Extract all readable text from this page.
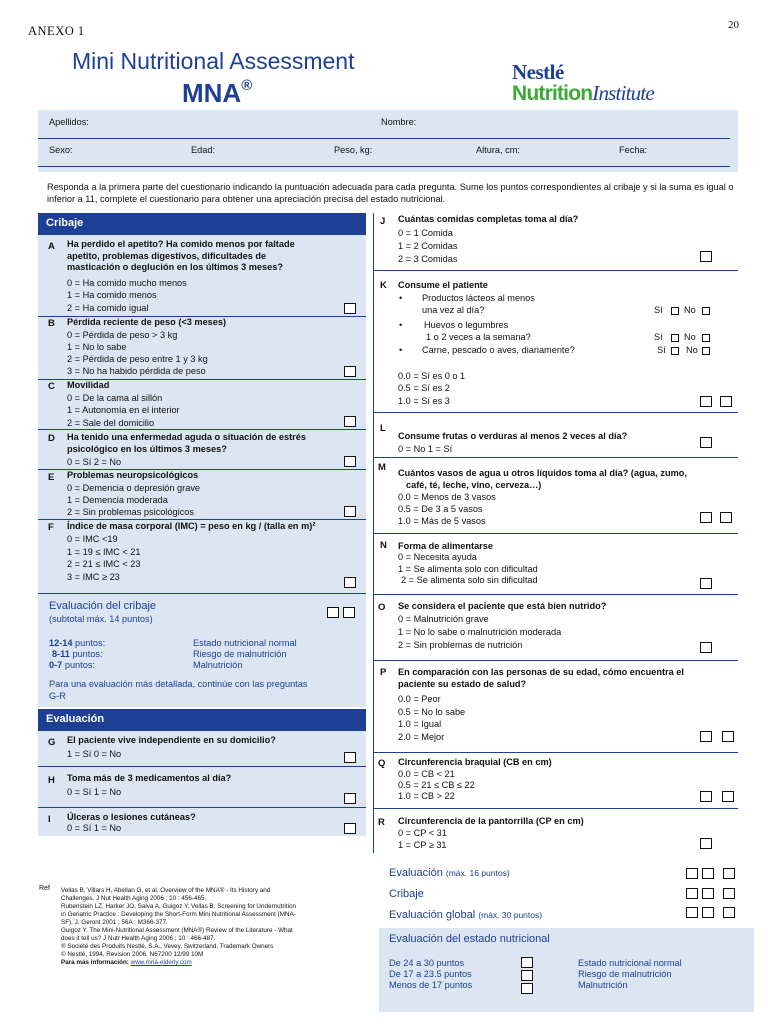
ANEXO 1	20
Mini Nutritional Assessment
MNA®
Nestlé
NutritionInstitute
Apellidos:	Nombre:
Sexo:	Edad:	Peso, kg:	Altura, cm:	Fecha:
Responda a la primera parte del cuestionario indicando la puntuación adecuada para cada pregunta. Sume los puntos correspondientes al cribaje y si la suma es igual o inferior a 11, complete el cuestionario para obtener una apreciación precisa del estado nutricional.
Cribaje
A Ha perdido el apetito? Ha comido menos por faltade
apetito, problemas digestivos, dificultades de
masticación o deglución en los últimos 3 meses?
0 = Ha comido mucho menos
1 = Ha comido menos
2 = Ha comido igual
B Pérdida reciente de peso (<3 meses)
0 = Pérdida de peso > 3 kg
1 = No lo sabe
2 = Pérdida de peso entre 1 y 3 kg
3 = No ha habido pérdida de peso
C Movilidad
0 = De la cama al sillón
1 = Autonomía en el interior
2 = Sale del domicilio
D Ha tenido una enfermedad aguda o situación de estrés
psicológico en los últimos 3 meses?
0 = Sí 2 = No
E Problemas neuropsicológicos
0 = Demencia o depresión grave
1 = Demencia moderada
2 = Sin problemas psicológicos
F Índice de masa corporal (IMC) = peso en kg / (talla en m)²
0 = IMC <19
1 = 19 ≤ IMC < 21
2 = 21 ≤ IMC < 23
3 = IMC ≥ 23
Evaluación del cribaje
(subtotal máx. 14 puntos)
12-14 puntos:	Estado nutricional normal
8-11 puntos:	Riesgo de malnutrición
0-7 puntos:	Malnutrición
Para una evaluación más detallada, continúe con las preguntas
G-R
Evaluación
G El paciente vive independiente en su domicilio?
1 = Sí 0 = No
H Toma más de 3 medicamentos al día?
0 = Sí 1 = No
I Úlceras o lesiones cutáneas?
0 = Sí 1 = No
J Cuántas comidas completas toma al día?
0 = 1 Comida
1 = 2 Comidas
2 = 3 Comidas
K Consume el patiente
• Productos lácteos al menos
una vez al día?	Sí No
• Huevos o legumbres
1 o 2 veces a la semana?	Sí No
• Carne, pescado o aves, diariamente?	Sí No
0.0 = Sí es 0 o 1
0.5 = Sí es 2
1.0 = Sí es 3
L
Consume frutas o verduras al menos 2 veces al día?
0 = No 1 = Sí
M Cuántos vasos de agua u otros líquidos toma al día? (agua, zumo,
café, té, leche, vino, cerveza…)
0.0 = Menos de 3 vasos
0.5 = De 3 a 5 vasos
1.0 = Más de 5 vasos
N Forma de alimentarse
0 = Necesita ayuda
1 = Se alimenta solo con dificultad
2 = Se alimenta solo sin dificultad
O Se considera el paciente que está bien nutrido?
0 = Malnutrición grave
1 = No lo sabe o malnutrición moderada
2 = Sin problemas de nutrición
P En comparación con las personas de su edad, cómo encuentra el
paciente su estado de salud?
0.0 = Peor
0.5 = No lo sabe
1.0 = Igual
2.0 = Mejor
Q Circunferencia braquial (CB en cm)
0.0 = CB < 21
0.5 = 21 ≤ CB ≤ 22
1.0 = CB > 22
R Circunferencia de la pantorrilla (CP en cm)
0 = CP < 31
1 = CP ≥ 31
Evaluación (máx. 16 puntos)
Cribaje
Evaluación global (máx. 30 puntos)
Evaluación del estado nutricional
De 24 a 30 puntos	Estado nutricional normal
De 17 a 23.5 puntos	Riesgo de malnutrición
Menos de 17 puntos	Malnutrición
Ref Vellas B, Villars H, Abellan G, et al. Overview of the MNA® - Its History and
Challenges. J Nut Health Aging 2006 ; 10 : 456-465.
Rubenstein LZ, Harker JO, Salva A, Guigoz Y, Vellas B. Screening for Undernutrition
in Geriatric Practice : Developing the Short-Form Mini Nutritional Assessment (MNA-
SF). J. Geront 2001 ; 56A : M366-377.
Guigoz Y. The Mini-Nutritional Assessment (MNA®) Review of the Literature - What
does it tell us? J Nutr Health Aging 2006 ; 10 : 466-487.
® Société des Produits Nestlé, S.A., Vevey, Switzerland, Trademark Owners
© Nestlé, 1994, Revision 2006. N67200 12/99 10M
Para más información: www.mna-elderly.com
